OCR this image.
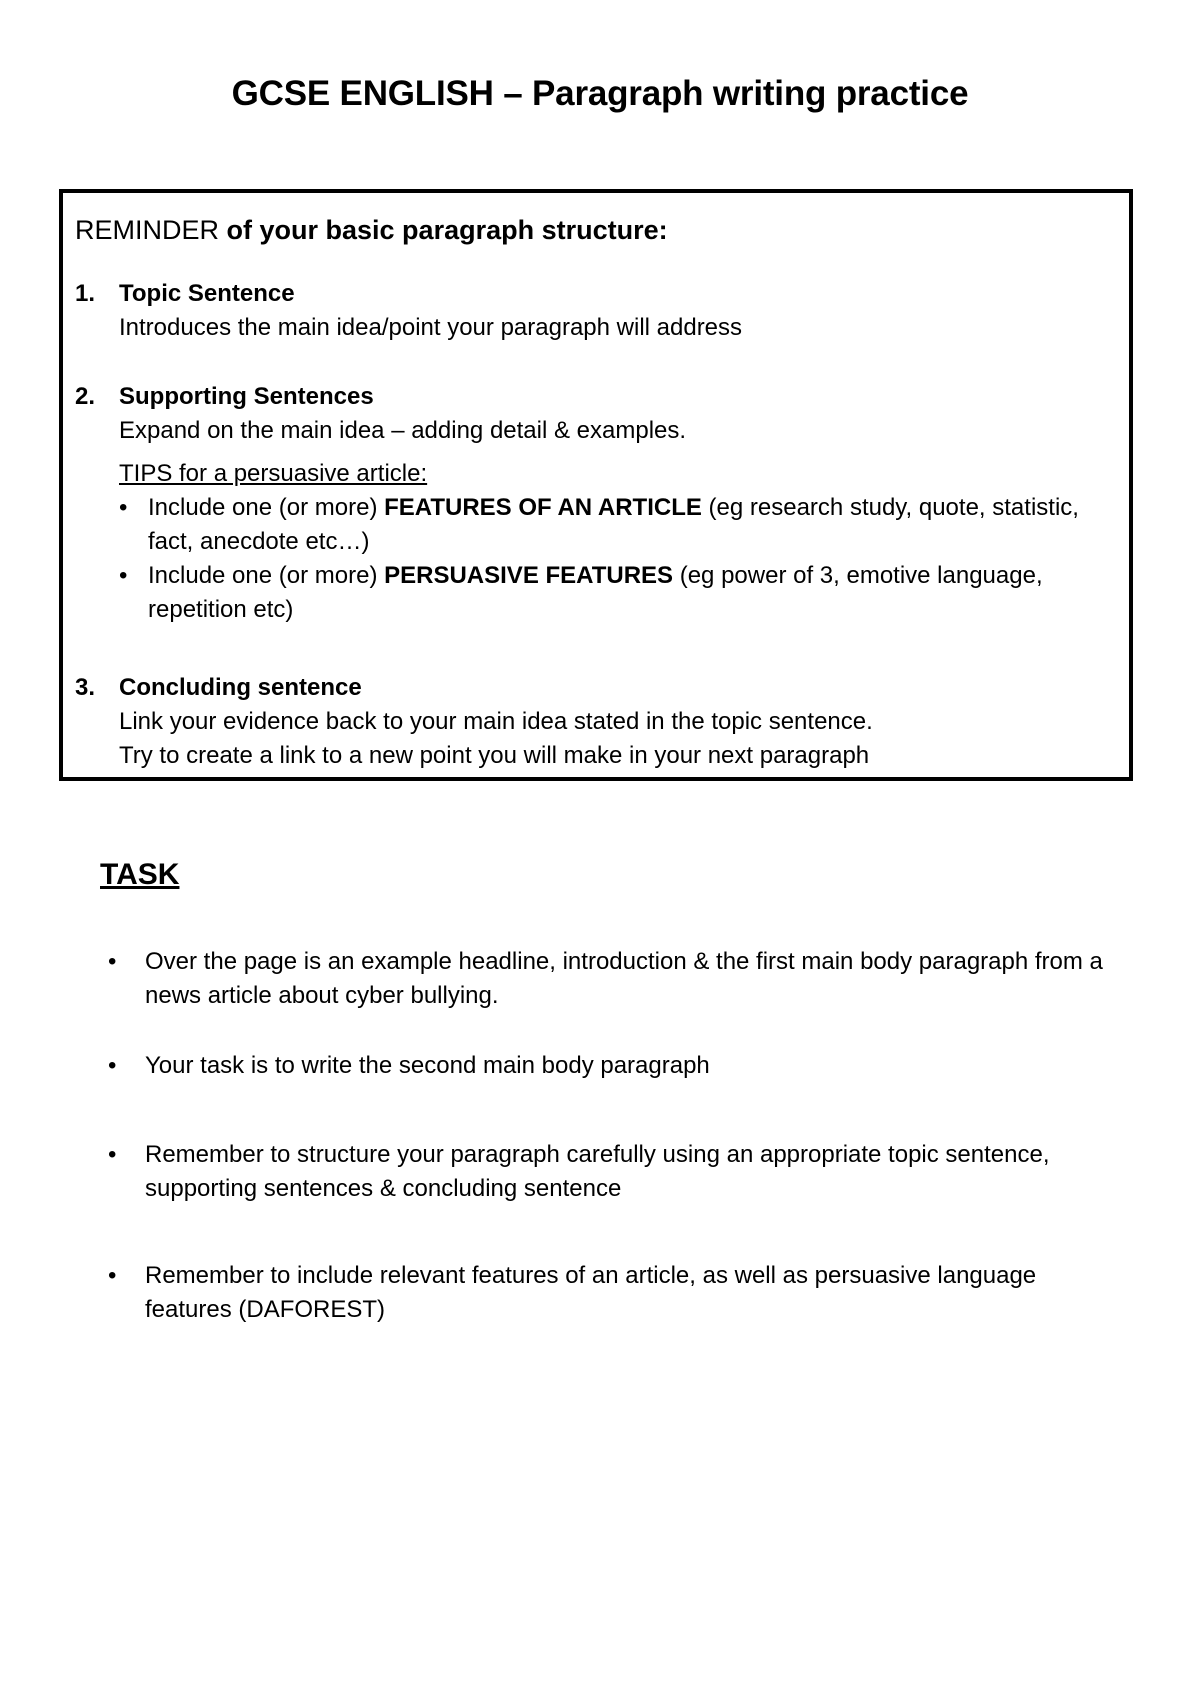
GCSE ENGLISH – Paragraph writing practice
REMINDER of your basic paragraph structure:
1. Topic Sentence
Introduces the main idea/point your paragraph will address
2. Supporting Sentences
Expand on the main idea – adding detail & examples.
TIPS for a persuasive article:
• Include one (or more) FEATURES OF AN ARTICLE (eg research study, quote, statistic, fact, anecdote etc…)
• Include one (or more) PERSUASIVE FEATURES (eg power of 3, emotive language, repetition etc)
3. Concluding sentence
Link your evidence back to your main idea stated in the topic sentence.
Try to create a link to a new point you will make in your next paragraph
TASK
•	Over the page is an example headline, introduction & the first main body paragraph from a news article about cyber bullying.
•	Your task is to write the second main body paragraph
•	Remember to structure your paragraph carefully using an appropriate topic sentence, supporting sentences & concluding sentence
•	Remember to include relevant features of an article, as well as persuasive language features (DAFOREST)
